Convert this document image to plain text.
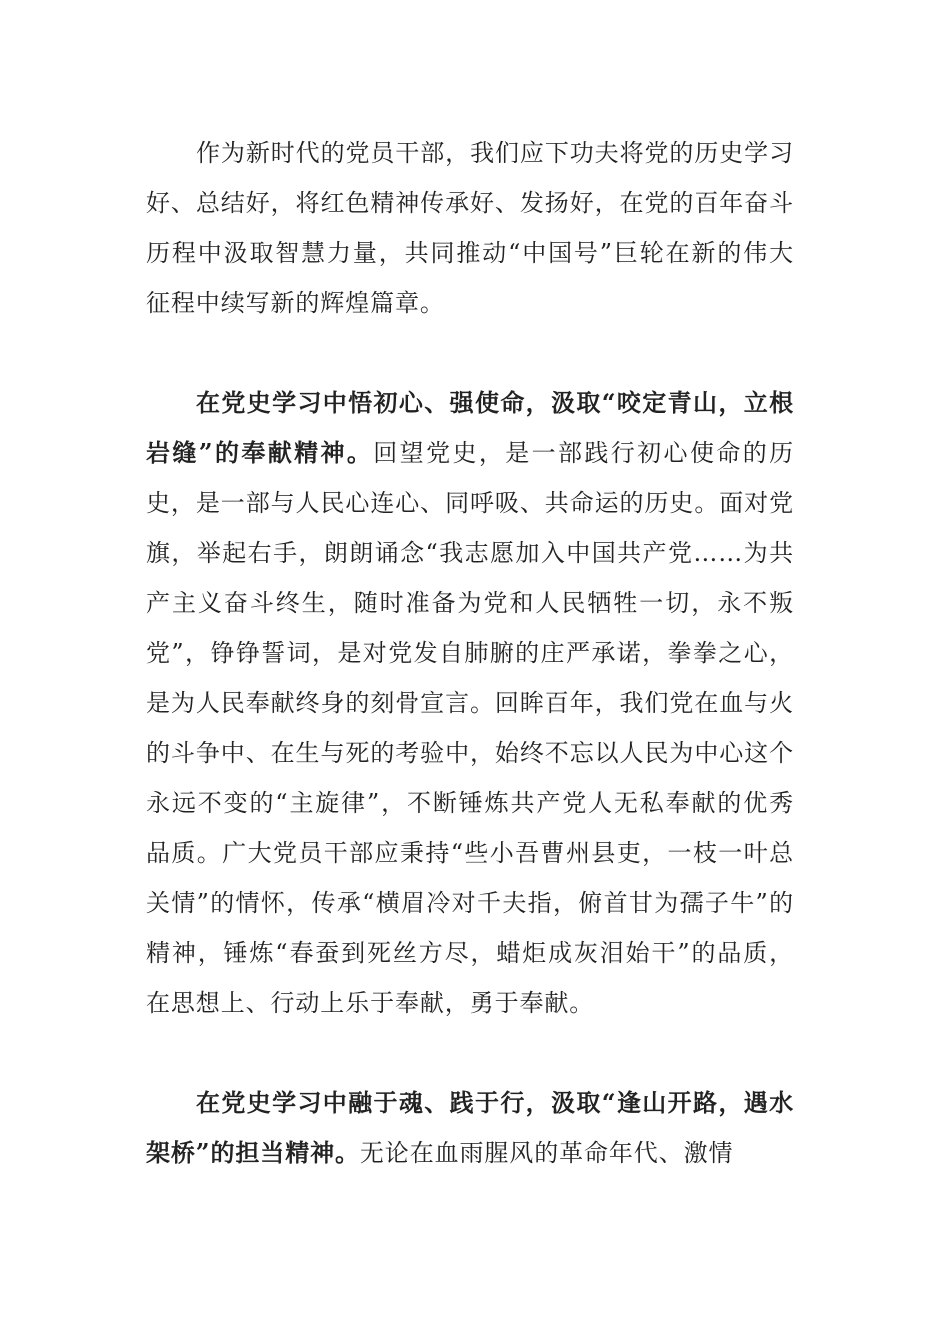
作为新时代的党员干部，我们应下功夫将党的历史学习好、总结好，将红色精神传承好、发扬好，在党的百年奋斗历程中汲取智慧力量，共同推动“中国号”巨轮在新的伟大征程中续写新的辉煌篇章。

在党史学习中悟初心、强使命，汲取“咬定青山，立根岩缝”的奉献精神。回望党史，是一部践行初心使命的历史，是一部与人民心连心、同呼吸、共命运的历史。面对党旗，举起右手，朗朗诵念“我志愿加入中国共产党……为共产主义奋斗终生，随时准备为党和人民牺牲一切，永不叛党”，铮铮誓词，是对党发自肺腑的庄严承诺，拳拳之心，是为人民奉献终身的刻骨宣言。回眸百年，我们党在血与火的斗争中、在生与死的考验中，始终不忘以人民为中心这个永远不变的“主旋律”，不断锤炼共产党人无私奉献的优秀品质。广大党员干部应秉持“些小吾曹州县吏，一枝一叶总关情”的情怀，传承“横眉冷对千夫指，俯首甘为孺子牛”的精神，锤炼“春蚕到死丝方尽，蜡炬成灰泪始干”的品质，在思想上、行动上乐于奉献，勇于奉献。

在党史学习中融于魂、践于行，汲取“逢山开路，遇水架桥”的担当精神。无论在血雨腥风的革命年代、激情
